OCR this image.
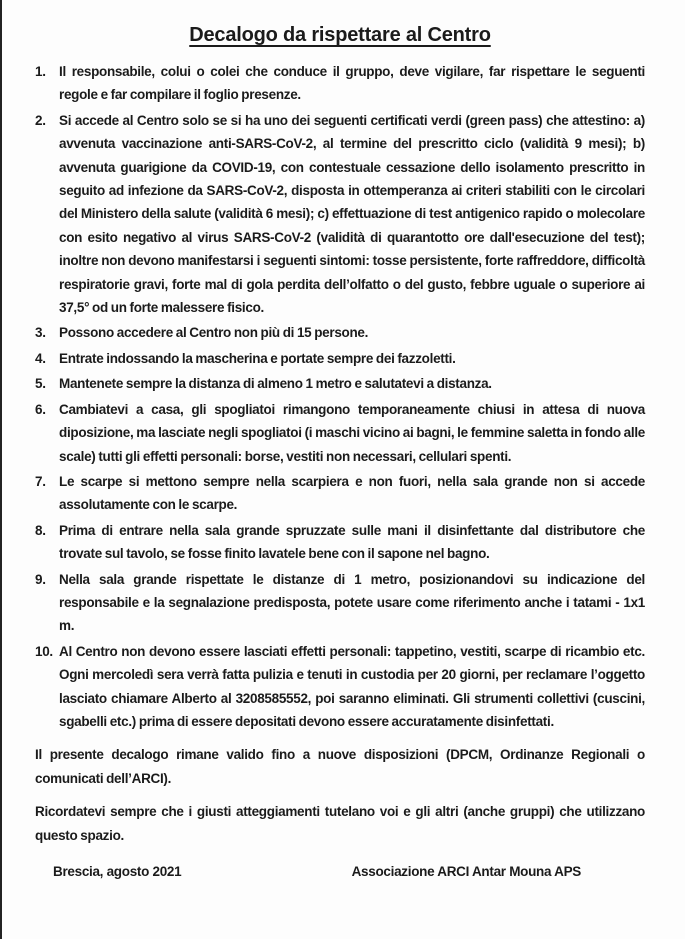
Decalogo da rispettare al Centro
1. Il responsabile, colui o colei che conduce il gruppo, deve vigilare, far rispettare le seguenti regole e far compilare il foglio presenze.
2. Si accede al Centro solo se si ha uno dei seguenti certificati verdi (green pass) che attestino: a) avvenuta vaccinazione anti-SARS-CoV-2, al termine del prescritto ciclo (validità 9 mesi); b) avvenuta guarigione da COVID-19, con contestuale cessazione dello isolamento prescritto in seguito ad infezione da SARS-CoV-2, disposta in ottemperanza ai criteri stabiliti con le circolari del Ministero della salute (validità 6 mesi); c) effettuazione di test antigenico rapido o molecolare con esito negativo al virus SARS-CoV-2 (validità di quarantotto ore dall'esecuzione del test); inoltre non devono manifestarsi i seguenti sintomi: tosse persistente, forte raffreddore, difficoltà respiratorie gravi, forte mal di gola perdita dell’olfatto o del gusto, febbre uguale o superiore ai 37,5° od un forte malessere fisico.
3. Possono accedere al Centro non più di 15 persone.
4. Entrate indossando la mascherina e portate sempre dei fazzoletti.
5. Mantenete sempre la distanza di almeno 1 metro e salutatevi a distanza.
6. Cambiatevi a casa, gli spogliatoi rimangono temporaneamente chiusi in attesa di nuova diposizione, ma lasciate negli spogliatoi (i maschi vicino ai bagni, le femmine saletta in fondo alle scale) tutti gli effetti personali: borse, vestiti non necessari, cellulari spenti.
7. Le scarpe si mettono sempre nella scarpiera e non fuori, nella sala grande non si accede assolutamente con le scarpe.
8. Prima di entrare nella sala grande spruzzate sulle mani il disinfettante dal distributore che trovate sul tavolo, se fosse finito lavatele bene con il sapone nel bagno.
9. Nella sala grande rispettate le distanze di 1 metro, posizionandovi su indicazione del responsabile e la segnalazione predisposta, potete usare come riferimento anche i tatami - 1x1 m.
10. Al Centro non devono essere lasciati effetti personali: tappetino, vestiti, scarpe di ricambio etc. Ogni mercoledì sera verrà fatta pulizia e tenuti in custodia per 20 giorni, per reclamare l’oggetto lasciato chiamare Alberto al 3208585552, poi saranno eliminati. Gli strumenti collettivi (cuscini, sgabelli etc.) prima di essere depositati devono essere accuratamente disinfettati.

Il presente decalogo rimane valido fino a nuove disposizioni (DPCM, Ordinanze Regionali o comunicati dell’ARCI).

Ricordatevi sempre che i giusti atteggiamenti tutelano voi e gli altri (anche gruppi) che utilizzano questo spazio.

Brescia, agosto 2021	Associazione ARCI Antar Mouna APS
